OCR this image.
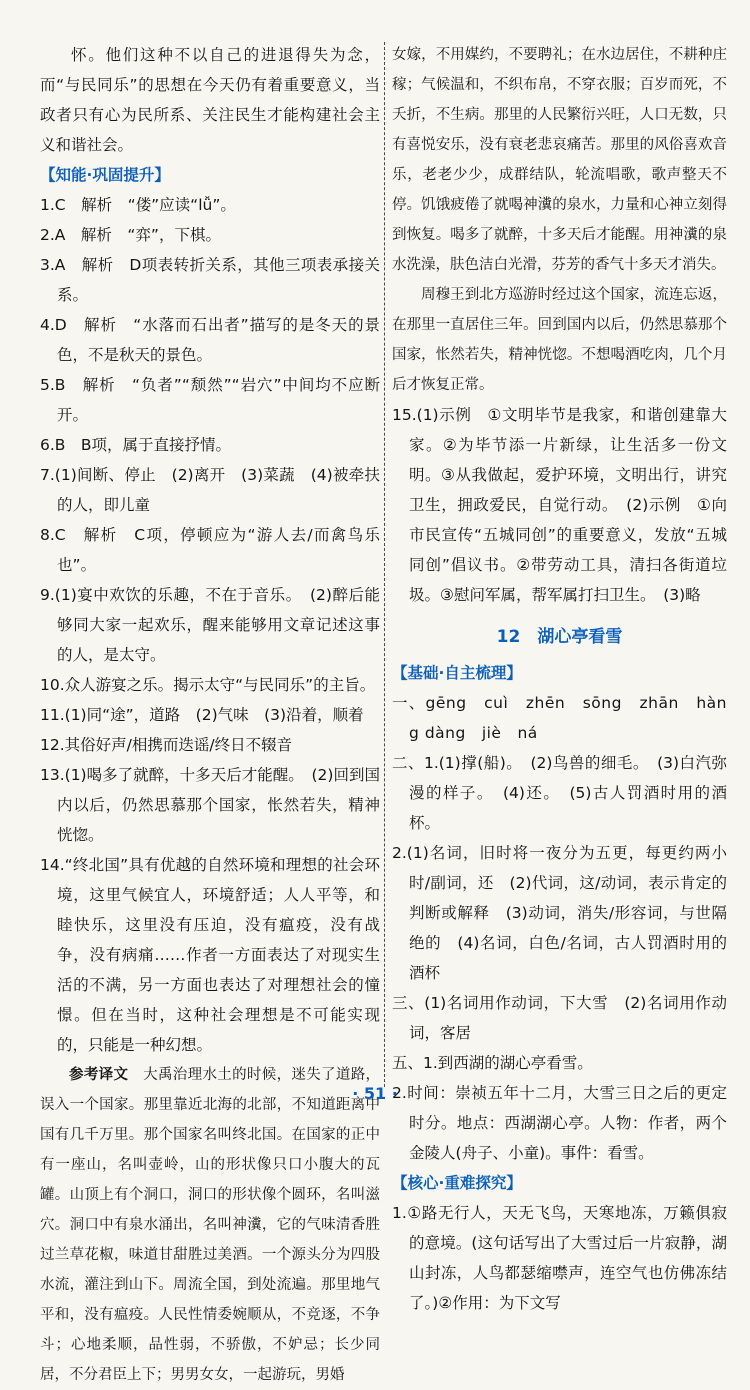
怀。他们这种不以自己的进退得失为念，而“与民同乐”的思想在今天仍有着重要意义，当政者只有心为民所系、关注民生才能构建社会主义和谐社会。

【知能·巩固提升】

1.C　解析　“偻”应读“lǚ”。

2.A　解析　“弈”，下棋。

3.A　解析　D项表转折关系，其他三项表承接关系。

4.D　解析　“水落而石出者”描写的是冬天的景色，不是秋天的景色。

5.B　解析　“负者”“颓然”“岩穴”中间均不应断开。

6.B　B项，属于直接抒情。

7.(1)间断、停止　(2)离开　(3)菜蔬　(4)被牵扶的人，即儿童

8.C　解析　C项，停顿应为“游人去/而禽鸟乐也”。

9.(1)宴中欢饮的乐趣，不在于音乐。　(2)醉后能够同大家一起欢乐，醒来能够用文章记述这事的人，是太守。

10.众人游宴之乐。揭示太守“与民同乐”的主旨。

11.(1)同“途”，道路　(2)气味　(3)沿着，顺着

12.其俗好声/相携而迭谣/终日不辍音

13.(1)喝多了就醉，十多天后才能醒。　(2)回到国内以后，仍然思慕那个国家，怅然若失，精神恍惚。

14.“终北国”具有优越的自然环境和理想的社会环境，这里气候宜人，环境舒适；人人平等，和睦快乐，这里没有压迫，没有瘟疫，没有战争，没有病痛……作者一方面表达了对现实生活的不满，另一方面也表达了对理想社会的憧憬。但在当时，这种社会理想是不可能实现的，只能是一种幻想。

参考译文　 大禹治理水土的时候，迷失了道路，误入一个国家。那里靠近北海的北部，不知道距离中国有几千万里。那个国家名叫终北国。在国家的正中有一座山，名叫壶岭，山的形状像只口小腹大的瓦罐。山顶上有个洞口，洞口的形状像个圆环，名叫滋穴。洞口中有泉水涌出，名叫神瀵，它的气味清香胜过兰草花椒，味道甘甜胜过美酒。一个源头分为四股水流，灌注到山下。周流全国，到处流遍。那里地气平和，没有瘟疫。人民性情委婉顺从，不竞逐，不争斗；心地柔顺，品性弱，不骄傲，不妒忌；长少同居，不分君臣上下；男男女女，一起游玩，男婚

女嫁，不用媒约，不要聘礼；在水边居住，不耕种庄稼；气候温和，不织布帛，不穿衣服；百岁而死，不夭折，不生病。那里的人民繁衍兴旺，人口无数，只有喜悦安乐，没有衰老悲哀痛苦。那里的风俗喜欢音乐，老老少少，成群结队，轮流唱歌，歌声整天不停。饥饿疲倦了就喝神瀵的泉水，力量和心神立刻得到恢复。喝多了就醉，十多天后才能醒。用神瀵的泉水洗澡，肤色洁白光滑，芬芳的香气十多天才消失。

周穆王到北方巡游时经过这个国家，流连忘返，在那里一直居住三年。回到国内以后，仍然思慕那个国家，怅然若失，精神恍惚。不想喝酒吃肉，几个月后才恢复正常。

15.(1)示例　①文明毕节是我家，和谐创建靠大家。②为毕节添一片新绿，让生活多一份文明。③从我做起，爱护环境，文明出行，讲究卫生，拥政爱民，自觉行动。　(2)示例　①向市民宣传“五城同创”的重要意义，发放“五城同创”倡议书。②带劳动工具，清扫各街道垃圾。③慰问军属，帮军属打扫卫生。　(3)略

12　湖心亭看雪

【基础·自主梳理】

一、gēng　cuì　zhēn　sōng　zhān　hàng dàng　jiè　ná

二、1.(1)撑(船)。　(2)鸟兽的细毛。　(3)白汽弥漫的样子。　(4)还。　(5)古人罚酒时用的酒杯。

2.(1)名词，旧时将一夜分为五更，每更约两小时/副词，还　(2)代词，这/动词，表示肯定的判断或解释　(3)动词，消失/形容词，与世隔绝的　(4)名词，白色/名词，古人罚酒时用的酒杯

三、(1)名词用作动词，下大雪　(2)名词用作动词，客居

五、1.到西湖的湖心亭看雪。

2.时间：崇祯五年十二月，大雪三日之后的更定时分。地点：西湖湖心亭。人物：作者，两个金陵人(舟子、小童)。事件：看雪。

【核心·重难探究】

1.①路无行人，天无飞鸟，天寒地冻，万籁俱寂的意境。(这句话写出了大雪过后一片寂静，湖山封冻，人鸟都瑟缩噤声，连空气也仿佛冻结了。)②作用：为下文写

· 51 ·
